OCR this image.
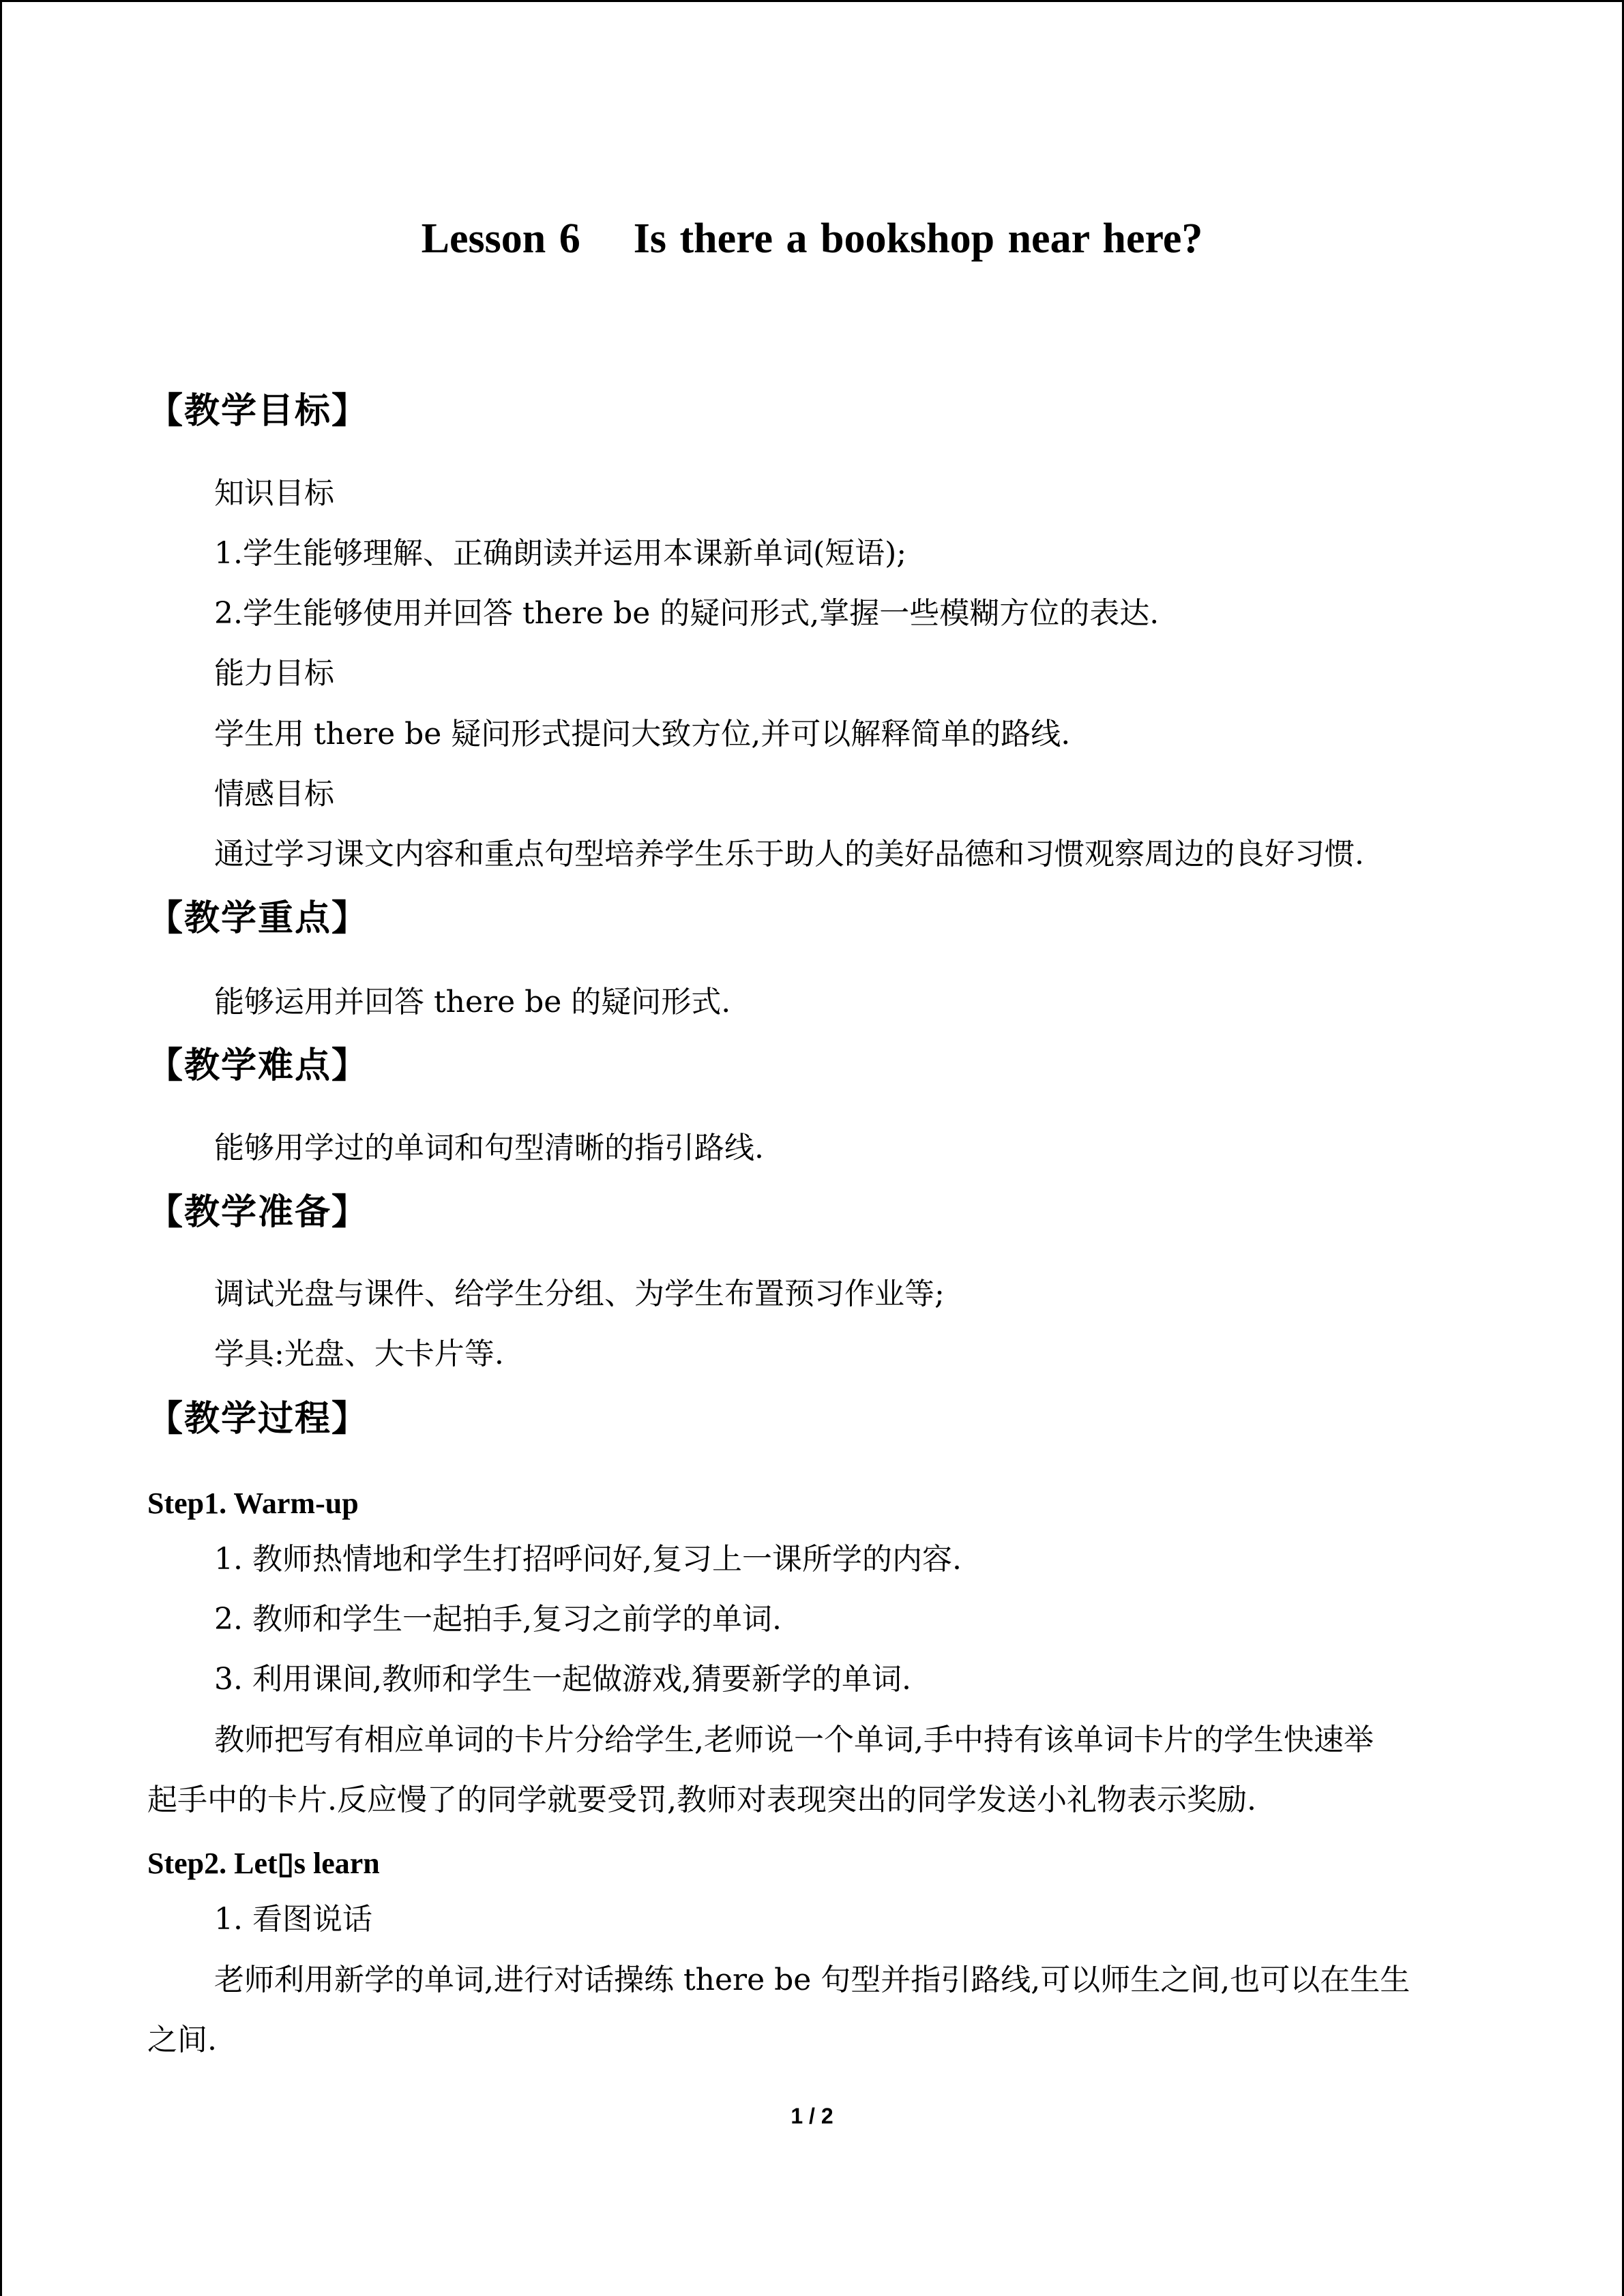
Lesson 6    Is there a bookshop near here?
【教学目标】
知识目标
1.学生能够理解、正确朗读并运用本课新单词(短语);
2.学生能够使用并回答 there be 的疑问形式,掌握一些模糊方位的表达.
能力目标
学生用 there be 疑问形式提问大致方位,并可以解释简单的路线.
情感目标
通过学习课文内容和重点句型培养学生乐于助人的美好品德和习惯观察周边的良好习惯.
【教学重点】
能够运用并回答 there be 的疑问形式.
【教学难点】
能够用学过的单词和句型清晰的指引路线.
【教学准备】
调试光盘与课件、给学生分组、为学生布置预习作业等;
学具:光盘、大卡片等.
【教学过程】
Step1. Warm-up
1. 教师热情地和学生打招呼问好,复习上一课所学的内容.
2. 教师和学生一起拍手,复习之前学的单词.
3. 利用课间,教师和学生一起做游戏,猜要新学的单词.
教师把写有相应单词的卡片分给学生,老师说一个单词,手中持有该单词卡片的学生快速举
起手中的卡片.反应慢了的同学就要受罚,教师对表现突出的同学发送小礼物表示奖励.
Step2. Let▯s learn
1. 看图说话
老师利用新学的单词,进行对话操练 there be 句型并指引路线,可以师生之间,也可以在生生
之间.
1 / 2
